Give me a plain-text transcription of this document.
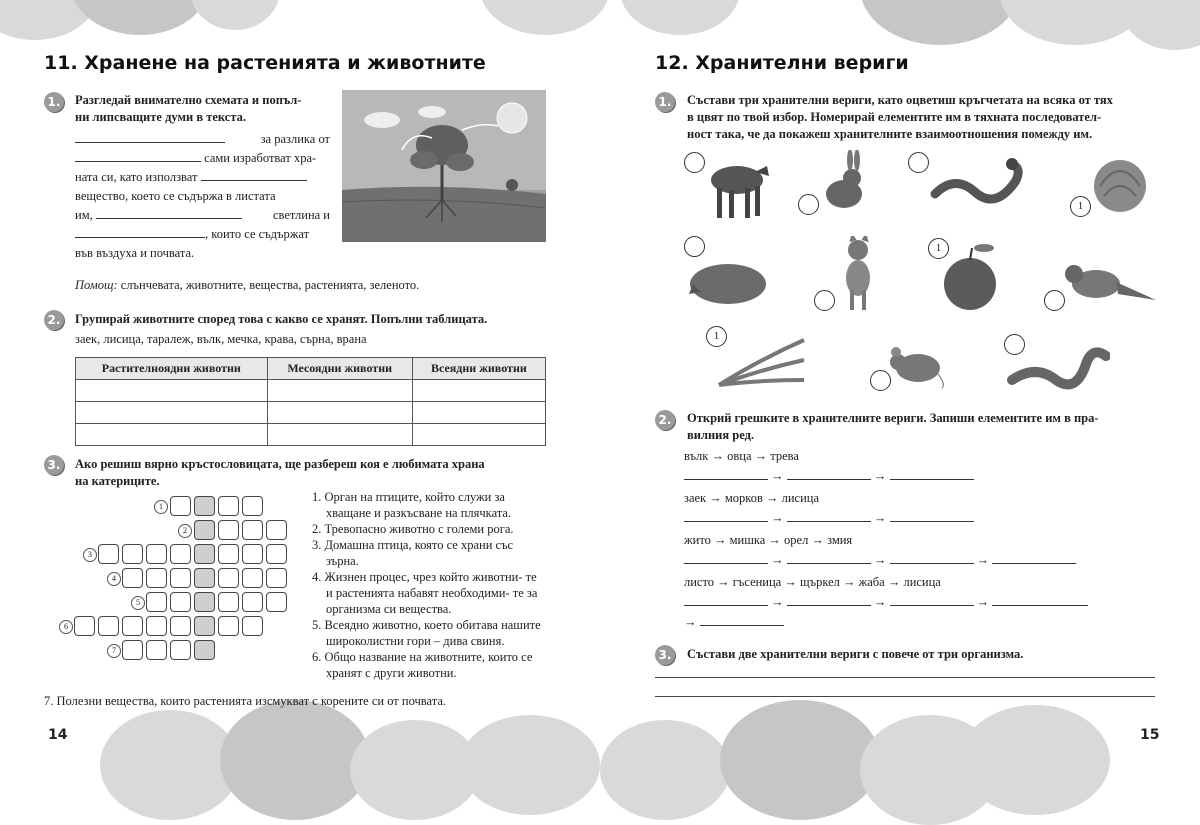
11. Хранене на растенията и животните
1. Разгледай внимателно схемата и попъл-
ни липсващите думи в текста.
за разлика от
сами изработват хра-
ната си, като използват
вещество, което се съдържа в листата
им,	светлина и
, които се съдържат
във въздуха и почвата.
Помощ: слънчевата, животните, вещества, растенията, зеленото.
2. Групирай животните според това с какво се хранят. Попълни таблицата.
заек, лисица, таралеж, вълк, мечка, крава, сърна, врана
Растителноядни животни	Месоядни животни	Всеядни животни

3. Ако решиш вярно кръстословицата, ще разбереш коя е любимата храна
на катериците.
1
2
3
4
5
6
7
1. Орган на птиците, който служи за хващане и разкъсване на плячката.
2. Тревопасно животно с големи рога.
3. Домашна птица, която се храни със зърна.
4. Жизнен процес, чрез който животни- те и растенията набавят необходими- те за организма си вещества.
5. Всеядно животно, което обитава нашите широколистни гори – дива свиня.
6. Общо название на животните, които се хранят с други животни.
7. Полезни вещества, които растенията изсмукват с корените си от почвата.
14
12. Хранителни вериги
1. Състави три хранителни вериги, като оцветиш кръгчетата на всяка от тях
в цвят по твой избор. Номерирай елементите им в тяхната последовател-
ност така, че да покажеш хранителните взаимоотношения помежду им.
1
1
1
2. Открий грешките в хранителните вериги. Запиши елементите им в пра-
вилния ред.
вълк → овца → трева
→	→
заек → морков → лисица
→	→
жито → мишка → орел → змия
→	→	→
листо → гъсеница → щъркел → жаба → лисица
→	→	→
→
3. Състави две хранителни вериги с повече от три организма.
15
